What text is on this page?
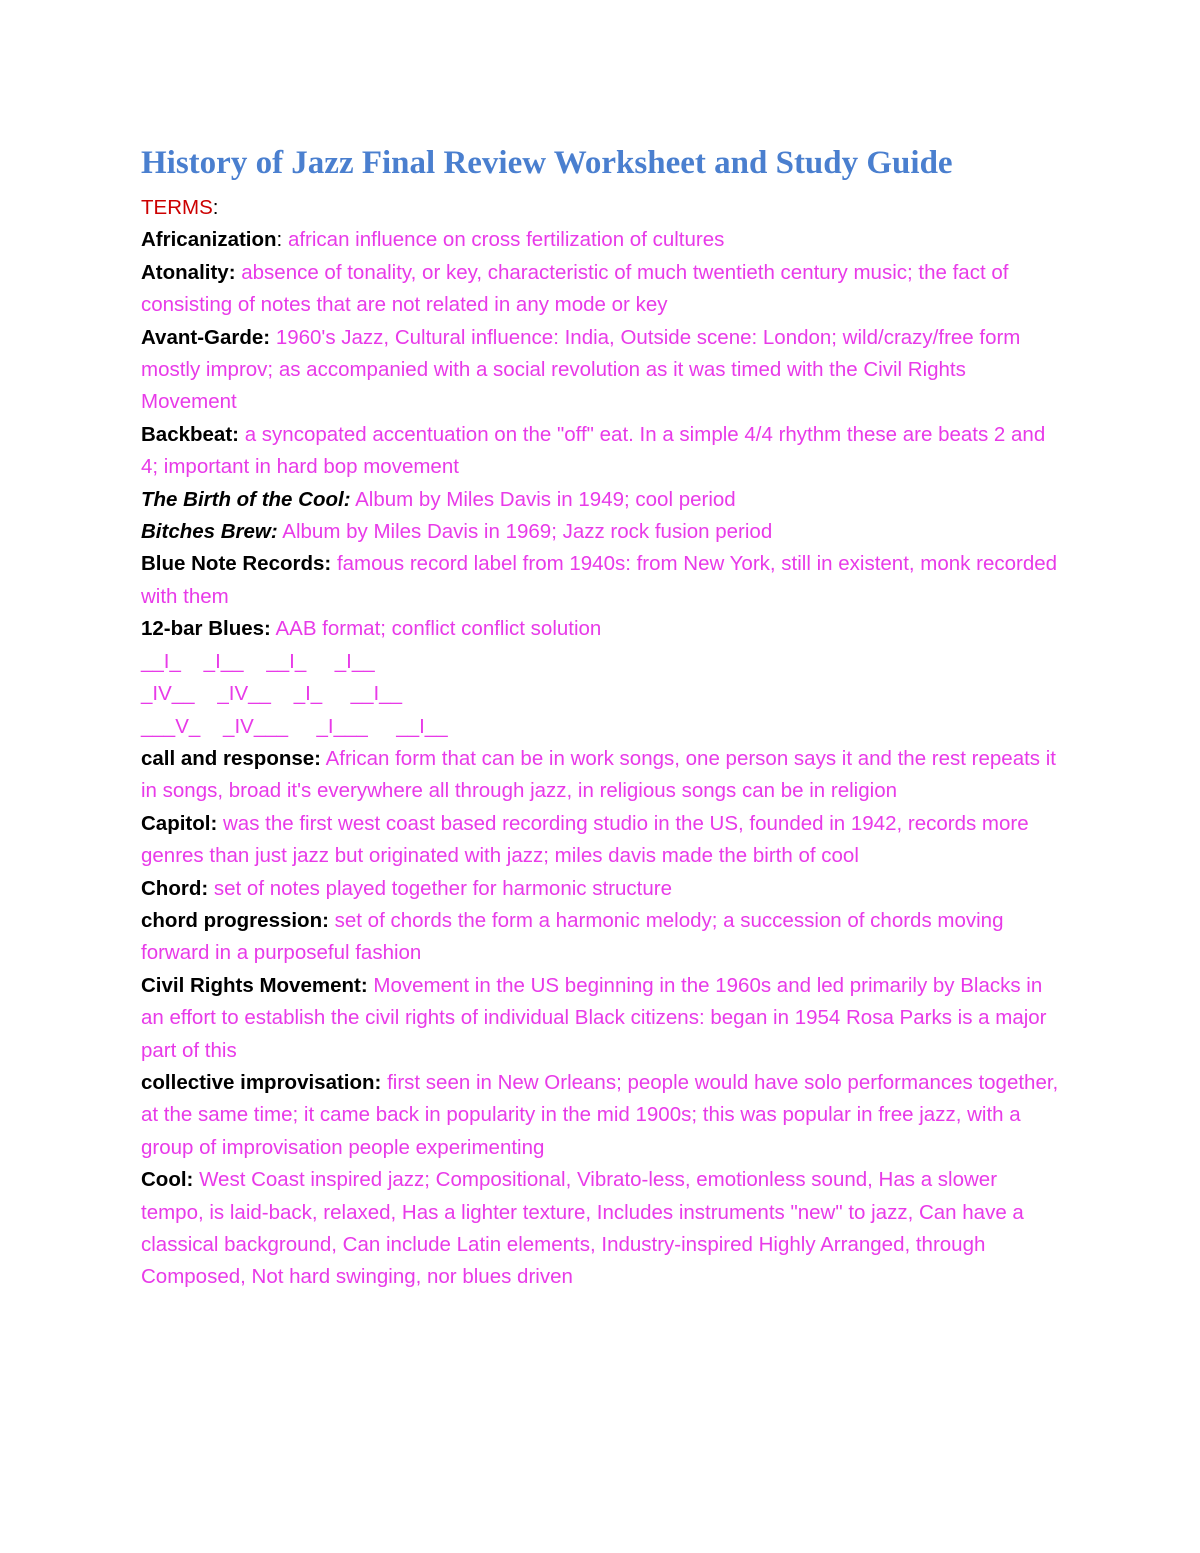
History of Jazz Final Review Worksheet and Study Guide
TERMS:
Africanization: african influence on cross fertilization of cultures
Atonality: absence of tonality, or key, characteristic of much twentieth century music; the fact of consisting of notes that are not related in any mode or key
Avant-Garde: 1960's Jazz, Cultural influence: India, Outside scene: London; wild/crazy/free form mostly improv; as accompanied with a social revolution as it was timed with the Civil Rights Movement
Backbeat: a syncopated accentuation on the "off" eat. In a simple 4/4 rhythm these are beats 2 and 4; important in hard bop movement
The Birth of the Cool: Album by Miles Davis in 1949; cool period
Bitches Brew: Album by Miles Davis in 1969; Jazz rock fusion period
Blue Note Records: famous record label from 1940s: from New York, still in existent, monk recorded with them
12-bar Blues: AAB format; conflict conflict solution
__I_    _I__    __I_     _I__
_IV__    _IV__    _I_     __I__
___V_    _IV___     _I___     __I__
call and response: African form that can be in work songs, one person says it and the rest repeats it in songs, broad it's everywhere all through jazz, in religious songs can be in religion
Capitol: was the first west coast based recording studio in the US, founded in 1942, records more genres than just jazz but originated with jazz; miles davis made the birth of cool
Chord: set of notes played together for harmonic structure
chord progression: set of chords the form a harmonic melody; a succession of chords moving forward in a purposeful fashion
Civil Rights Movement: Movement in the US beginning in the 1960s and led primarily by Blacks in an effort to establish the civil rights of individual Black citizens: began in 1954 Rosa Parks is a major part of this
collective improvisation: first seen in New Orleans; people would have solo performances together, at the same time; it came back in popularity in the mid 1900s; this was popular in free jazz, with a group of improvisation people experimenting
Cool: West Coast inspired jazz; Compositional, Vibrato-less, emotionless sound, Has a slower tempo, is laid-back, relaxed, Has a lighter texture, Includes instruments "new" to jazz, Can have a classical background, Can include Latin elements, Industry-inspired Highly Arranged, through Composed, Not hard swinging, nor blues driven
